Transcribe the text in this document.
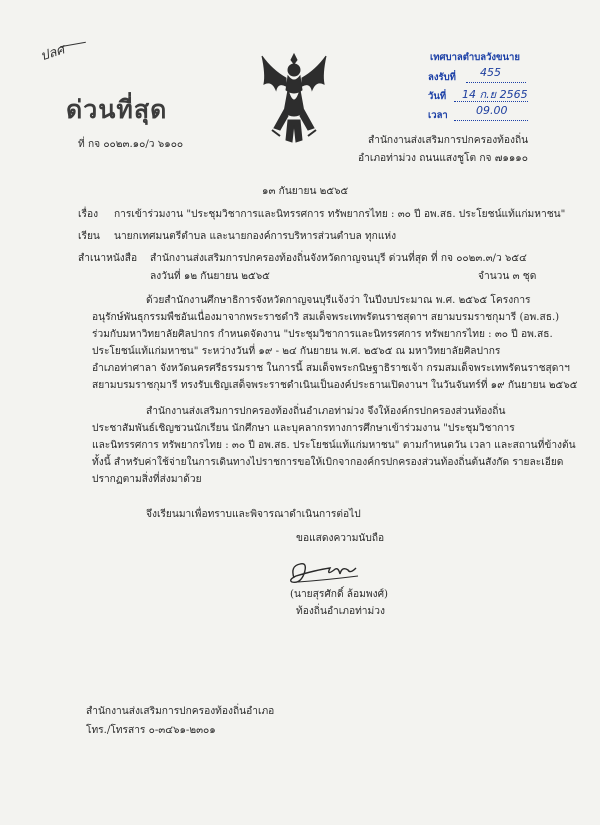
ปลศ
ด่วนที่สุด
เทศบาลตำบลวังขนาย
ลงรับที่ 455
วันที่ 14 ก.ย 2565
เวลา	09.00
ที่ กจ ๐๐๒๓.๑๐/ว ๖๑๐๐	สำนักงานส่งเสริมการปกครองท้องถิ่น
อำเภอท่าม่วง ถนนแสงชูโต กจ ๗๑๑๑๐
๑๓ กันยายน ๒๕๖๕
เรื่อง การเข้าร่วมงาน "ประชุมวิชาการและนิทรรศการ ทรัพยากรไทย : ๓๐ ปี อพ.สธ. ประโยชน์แท้แก่มหาชน"
เรียน นายกเทศมนตรีตำบล และนายกองค์การบริหารส่วนตำบล ทุกแห่ง
สำเนาหนังสือ สำนักงานส่งเสริมการปกครองท้องถิ่นจังหวัดกาญจนบุรี ด่วนที่สุด ที่ กจ ๐๐๒๓.๓/ว ๖๕๔
ลงวันที่ ๑๒ กันยายน ๒๕๖๕	จำนวน ๓ ชุด

ด้วยสำนักงานศึกษาธิการจังหวัดกาญจนบุรีแจ้งว่า ในปีงบประมาณ พ.ศ. ๒๕๖๕ โครงการ

อนุรักษ์พันธุกรรมพืชอันเนื่องมาจากพระราชดำริ สมเด็จพระเทพรัตนราชสุดาฯ สยามบรมราชกุมารี (อพ.สธ.)

ร่วมกับมหาวิทยาลัยศิลปากร กำหนดจัดงาน "ประชุมวิชาการและนิทรรศการ ทรัพยากรไทย : ๓๐ ปี อพ.สธ.

ประโยชน์แท้แก่มหาชน" ระหว่างวันที่ ๑๙ - ๒๔ กันยายน พ.ศ. ๒๕๖๕ ณ มหาวิทยาลัยศิลปากร

อำเภอท่าศาลา จังหวัดนครศรีธรรมราช ในการนี้ สมเด็จพระกนิษฐาธิราชเจ้า กรมสมเด็จพระเทพรัตนราชสุดาฯ

สยามบรมราชกุมารี ทรงรับเชิญเสด็จพระราชดำเนินเป็นองค์ประธานเปิดงานฯ ในวันจันทร์ที่ ๑๙ กันยายน ๒๕๖๕

สำนักงานส่งเสริมการปกครองท้องถิ่นอำเภอท่าม่วง จึงให้องค์กรปกครองส่วนท้องถิ่น

ประชาสัมพันธ์เชิญชวนนักเรียน นักศึกษา และบุคลากรทางการศึกษาเข้าร่วมงาน "ประชุมวิชาการ

และนิทรรศการ ทรัพยากรไทย : ๓๐ ปี อพ.สธ. ประโยชน์แท้แก่มหาชน" ตามกำหนดวัน เวลา และสถานที่ข้างต้น

ทั้งนี้ สำหรับค่าใช้จ่ายในการเดินทางไปราชการขอให้เบิกจากองค์กรปกครองส่วนท้องถิ่นต้นสังกัด รายละเอียด

ปรากฏตามสิ่งที่ส่งมาด้วย

จึงเรียนมาเพื่อทราบและพิจารณาดำเนินการต่อไป
ขอแสดงความนับถือ
(นายสุรศักดิ์ ล้อมพงศ์)
ท้องถิ่นอำเภอท่าม่วง
สำนักงานส่งเสริมการปกครองท้องถิ่นอำเภอ
โทร./โทรสาร ๐-๓๔๖๑-๒๓๐๑
